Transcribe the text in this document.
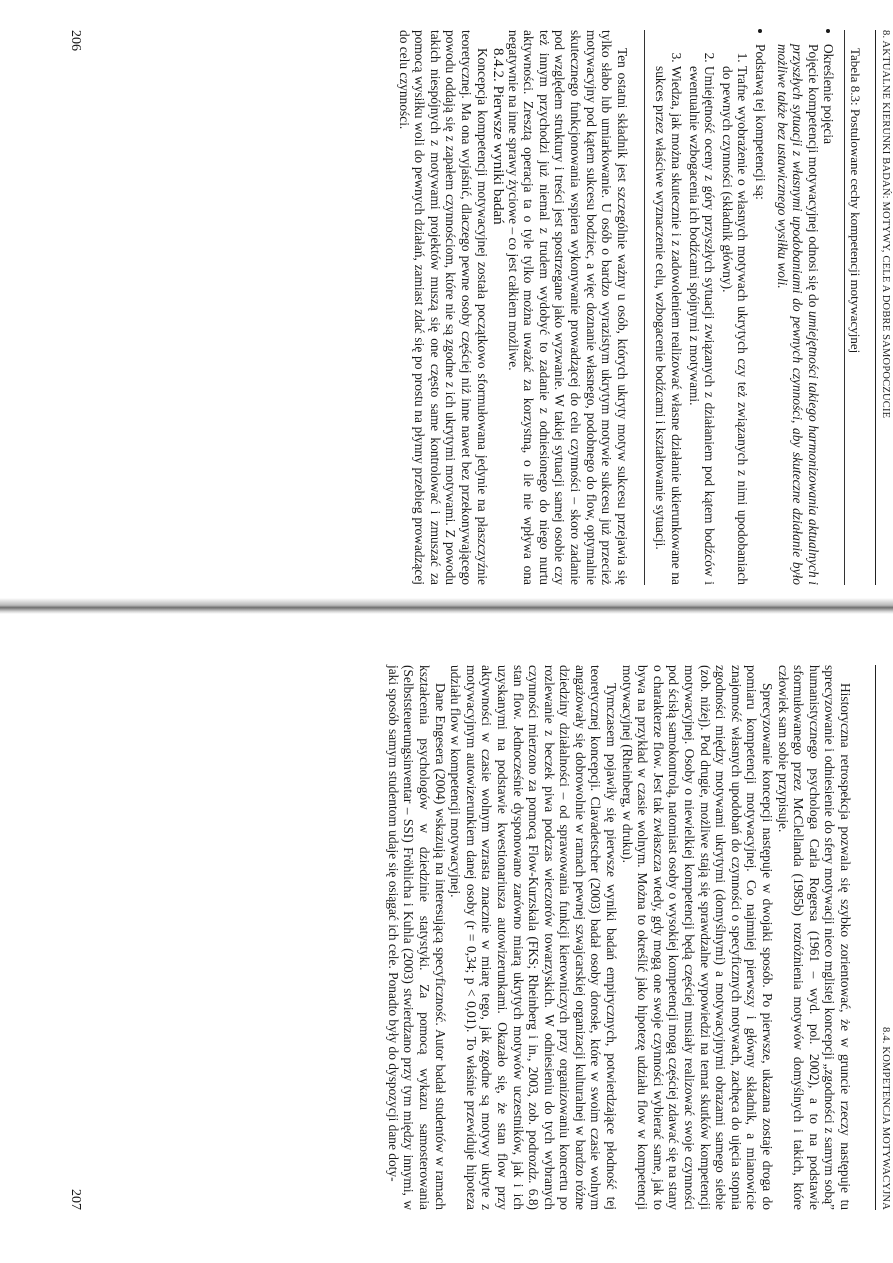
8. AKTUALNE KIERUNKI BADAŃ: MOTYWY, CELE A DOBRE SAMOPOCZUCIE
206

Tabela 8.3: Postulowane cechy kompetencji motywacyjnej

• Określenie pojęcia
Pojęcie kompetencji motywacyjnej odnosi się do umiejętności takiego harmonizowania aktualnych i przyszłych sytuacji z własnymi upodobaniami do pewnych czynności, aby skuteczne działanie było możliwe także bez ustawicznego wysiłku woli.
• Podstawą tej kompetencji są:
1. Trafne wyobrażenie o własnych motywach ukrytych czy też związanych z nimi upodobaniach do pewnych czynności (składnik główny).
2. Umiejętność oceny z góry przyszłych sytuacji związanych z działaniem pod kątem bodźców i ewentualnie wzbogacenia ich bodźcami spójnymi z motywami.
3. Wiedza, jak można skutecznie i z zadowoleniem realizować własne działanie ukierunkowane na sukces przez właściwe wyznaczenie celu, wzbogacenie bodźcami i kształtowanie sytuacji.

Ten ostatni składnik jest szczególnie ważny u osób, których ukryty motyw sukcesu przejawia się tylko słabo lub umiarkowanie. U osób o bardzo wyrazistym ukrytym motywie sukcesu już przecież motywacyjny pod kątem sukcesu bodziec, a więc doznanie własnego, podobnego do flow, optymalnie skutecznego funkcjonowania wspiera wykonywanie prowadzącej do celu czynności – skoro zadanie pod względem struktury i treści jest spostrzegane jako wyzwanie. W takiej sytuacji samej osobie czy też innym przychodzi już niemal z trudem wydobyć to zadanie z odniesionego do niego nurtu aktywności. Zresztą operacja ta o tyle tylko można uważać za korzystną, o ile nie wpływa ona negatywnie na inne sprawy życiowe – co jest całkiem możliwe.

8.4.2. Pierwsze wyniki badań

Koncepcja kompetencji motywacyjnej została początkowo sformułowana jedynie na płaszczyźnie teoretycznej. Ma ona wyjaśnić, dlaczego pewne osoby częściej niż inne nawet bez przekonywającego powodu oddają się z zapałem czynnościom, które nie są zgodne z ich ukrytymi motywami. Z powodu takich niespójnych z motywami projektów muszą się one często same kontrolować i zmuszać za pomocą wysiłku woli do pewnych działań, zamiast zdać się po prostu na płynny przebieg prowadzącej do celu czynności.

8.4. KOMPETENCJA MOTYWACYJNA
207	Historyczna retrospekcja pozwala się szybko zorientować, że w gruncie rzeczy następuje tu sprecyzowanie i odniesienie do sfery motywacji nieco mglistej koncepcji „zgodności z samym sobą” humanistycznego psychologa Carla Rogersa (1961 – wyd. pol. 2002), a to na podstawie sformułowanego przez McClellanda (1985b) rozróżnienia motywów domyślnych i takich, które człowiek sam sobie przypisuje.

Sprecyzowanie koncepcji następuje w dwojaki sposób. Po pierwsze, ukazana zostaje droga do pomiaru kompetencji motywacyjnej. Co najmniej pierwszy i główny składnik, a mianowicie znajomość własnych upodobań do czynności o specyficznych motywach, zachęca do ujęcia stopnia zgodności między motywami ukrytymi (domyślnymi) a motywacyjnymi obrazami samego siebie (zob. niżej). Pod drugie, możliwe stają się sprawdzalne wypowiedzi na temat skutków kompetencji motywacyjnej. Osoby o niewielkiej kompetencji będą częściej musiały realizować swoje czynności pod ścisłą samokontrolą, natomiast osoby o wysokiej kompetencji mogą częściej zdawać się na stany o charakterze flow. Jest tak zwłaszcza wtedy, gdy mogą one swoje czynności wybierać same, jak to bywa na przykład w czasie wolnym. Można to określić jako hipotezę udziału flow w kompetencji motywacyjnej (Rheinberg, w druku).

Tymczasem pojawiły się pierwsze wyniki badań empirycznych, potwierdzające płodność tej teoretycznej koncepcji. Clavadetscher (2003) badał osoby dorosłe, które w swoim czasie wolnym angażowały się dobrowolnie w ramach pewnej szwajcarskiej organizacji kulturalnej w bardzo różne dziedziny działalności – od sprawowania funkcji kierowniczych przy organizowaniu koncertu po rozlewanie z beczek piwa podczas wieczorów towarzyskich. W odniesieniu do tych wybranych czynności mierzono za pomocą Flow-Kurzskala (FKS; Rheinberg i in., 2003, zob. podrozdz. 6.8) stan flow. Jednocześnie dysponowano zarówno miarą ukrytych motywów uczestników, jak i ich uzyskanymi na podstawie kwestionariusza autowizerunkami. Okazało się, że stan flow przy aktywności w czasie wolnym wzrasta znacznie w miarę tego, jak zgodne są motywy ukryte z motywacyjnym autowizerunkiem danej osoby (r = 0,34; p < 0,01). To właśnie przewiduje hipoteza udziału flow w kompetencji motywacyjnej.

Dane Engesera (2004) wskazują na interesującą specyficzność. Autor badał studentów w ramach kształcenia psychologów w dziedzinie statystyki. Za pomocą wykazu samosterowania (Selbststeuerungsinventar – SSI) Fröhlicha i Kuhla (2003) stwierdzano przy tym między innymi, w jaki sposób samym studentom udaje się osiągać ich cele. Ponadto były do dyspozycji dane doty-
